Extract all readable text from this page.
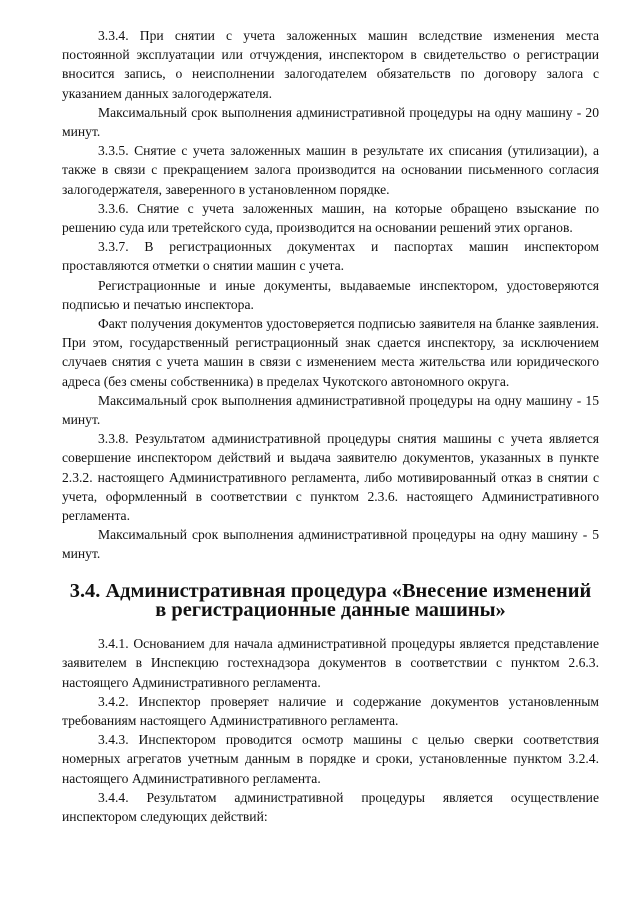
3.3.4. При снятии с учета заложенных машин вследствие изменения места постоянной эксплуатации или отчуждения, инспектором в свидетельство о регистрации вносится запись, о неисполнении залогодателем обязательств по договору залога с указанием данных залогодержателя.

Максимальный срок выполнения административной процедуры на одну машину - 20 минут.

3.3.5. Снятие с учета заложенных машин в результате их списания (утилизации), а также в связи с прекращением залога производится на основании письменного согласия залогодержателя, заверенного в установленном порядке.

3.3.6. Снятие с учета заложенных машин, на которые обращено взыскание по решению суда или третейского суда, производится на основании решений этих органов.

3.3.7. В регистрационных документах и паспортах машин инспектором проставляются отметки о снятии машин с учета.

Регистрационные и иные документы, выдаваемые инспектором, удостоверяются подписью и печатью инспектора.

Факт получения документов удостоверяется подписью заявителя на бланке заявления. При этом, государственный регистрационный знак сдается инспектору, за исключением случаев снятия с учета машин в связи с изменением места жительства или юридического адреса (без смены собственника) в пределах Чукотского автономного округа.

Максимальный срок выполнения административной процедуры на одну машину - 15 минут.

3.3.8. Результатом административной процедуры снятия машины с учета является совершение инспектором действий и выдача заявителю документов, указанных в пункте 2.3.2. настоящего Административного регламента, либо мотивированный отказ в снятии с учета, оформленный в соответствии с пунктом 2.3.6. настоящего Административного регламента.

Максимальный срок выполнения административной процедуры на одну машину - 5 минут.

3.4. Административная процедура «Внесение изменений в регистрационные данные машины»

3.4.1. Основанием для начала административной процедуры является представление заявителем в Инспекцию гостехнадзора документов в соответствии с пунктом 2.6.3. настоящего Административного регламента.

3.4.2. Инспектор проверяет наличие и содержание документов установленным требованиям настоящего Административного регламента.

3.4.3. Инспектором проводится осмотр машины с целью сверки соответствия номерных агрегатов учетным данным в порядке и сроки, установленные пунктом 3.2.4. настоящего Административного регламента.

3.4.4. Результатом административной процедуры является осуществление инспектором следующих действий:
